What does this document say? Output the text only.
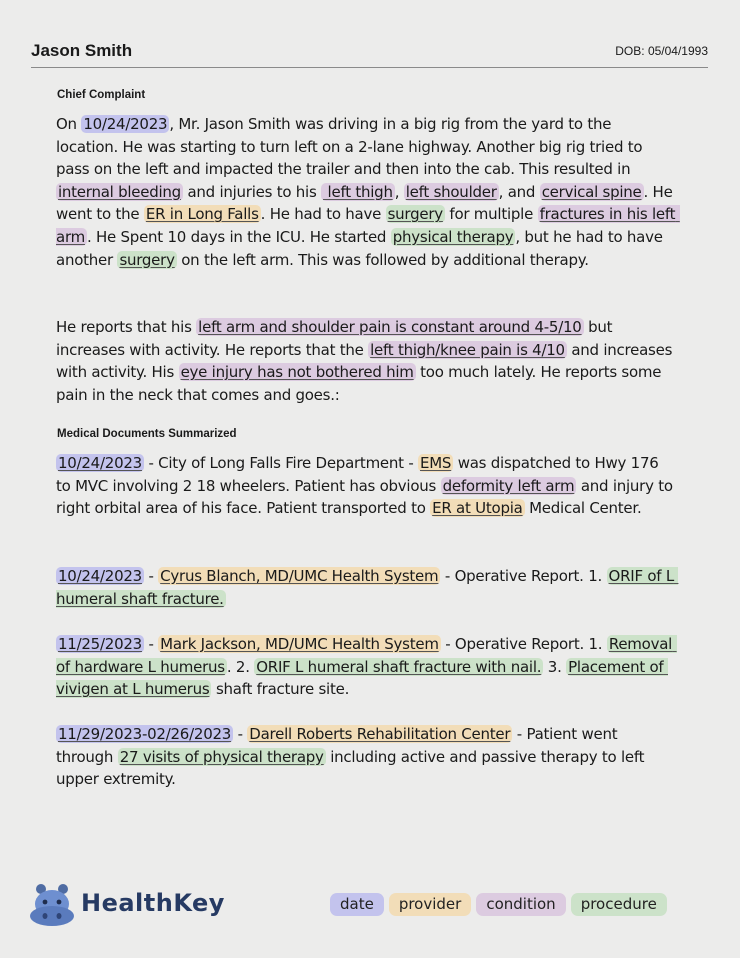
Jason Smith	DOB: 05/04/1993
Chief Complaint
On 10/24/2023 , Mr. Jason Smith was driving in a big rig from the yard to the location. He was starting to turn left on a 2-lane highway. Another big rig tried to pass on the left and impacted the trailer and then into the cab. This resulted in internal bleeding and injuries to his  left thigh , left shoulder , and cervical spine . He went to the ER in Long Falls . He had to have surgery for multiple fractures in his left arm . He Spent 10 days in the ICU. He started physical therapy , but he had to have another surgery on the left arm. This was followed by additional therapy.
He reports that his left arm and shoulder pain is constant around 4-5/10 but increases with activity. He reports that the left thigh/knee pain is 4/10 and increases with activity. His eye injury has not bothered him too much lately. He reports some pain in the neck that comes and goes.:
Medical Documents Summarized
10/24/2023 - City of Long Falls Fire Department - EMS was dispatched to Hwy 176 to MVC involving 2 18 wheelers. Patient has obvious deformity left arm and injury to right orbital area of his face. Patient transported to ER at Utopia Medical Center.
10/24/2023 - Cyrus Blanch, MD/UMC Health System - Operative Report. 1. ORIF of L humeral shaft fracture.
11/25/2023 - Mark Jackson, MD/UMC Health System - Operative Report. 1. Removal of hardware L humerus . 2. ORIF L humeral shaft fracture with nail. 3. Placement of vivigen at L humerus shaft fracture site.
11/29/2023-02/26/2023 - Darell Roberts Rehabilitation Center - Patient went through 27 visits of physical therapy including active and passive therapy to left upper extremity.
HealthKey	date	provider	condition	procedure
